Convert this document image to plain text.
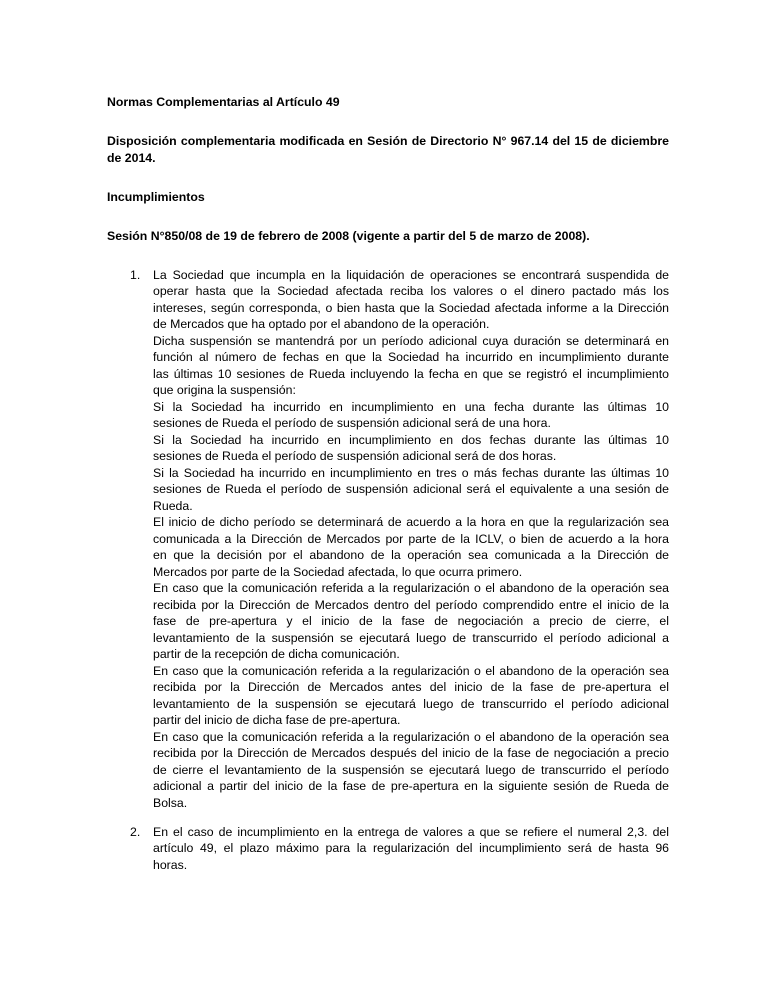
Normas Complementarias al Artículo 49
Disposición complementaria modificada en Sesión de Directorio N° 967.14 del 15 de diciembre
de 2014.
Incumplimientos
Sesión N°850/08 de 19 de febrero de 2008 (vigente a partir del 5 de marzo de 2008).
1. La Sociedad que incumpla en la liquidación de operaciones se encontrará suspendida de
operar hasta que la Sociedad afectada reciba los valores o el dinero pactado más los
intereses, según corresponda, o bien hasta que la Sociedad afectada informe a la Dirección
de Mercados que ha optado por el abandono de la operación.
Dicha suspensión se mantendrá por un período adicional cuya duración se determinará en
función al número de fechas en que la Sociedad ha incurrido en incumplimiento durante
las últimas 10 sesiones de Rueda incluyendo la fecha en que se registró el incumplimiento
que origina la suspensión:
Si la Sociedad ha incurrido en incumplimiento en una fecha durante las últimas 10
sesiones de Rueda el período de suspensión adicional será de una hora.
Si la Sociedad ha incurrido en incumplimiento en dos fechas durante las últimas 10
sesiones de Rueda el período de suspensión adicional será de dos horas.
Si la Sociedad ha incurrido en incumplimiento en tres o más fechas durante las últimas 10
sesiones de Rueda el período de suspensión adicional será el equivalente a una sesión de
Rueda.
El inicio de dicho período se determinará de acuerdo a la hora en que la regularización sea
comunicada a la Dirección de Mercados por parte de la ICLV, o bien de acuerdo a la hora
en que la decisión por el abandono de la operación sea comunicada a la Dirección de
Mercados por parte de la Sociedad afectada, lo que ocurra primero.
En caso que la comunicación referida a la regularización o el abandono de la operación sea
recibida por la Dirección de Mercados dentro del período comprendido entre el inicio de la
fase de pre-apertura y el inicio de la fase de negociación a precio de cierre, el
levantamiento de la suspensión se ejecutará luego de transcurrido el período adicional a
partir de la recepción de dicha comunicación.
En caso que la comunicación referida a la regularización o el abandono de la operación sea
recibida por la Dirección de Mercados antes del inicio de la fase de pre-apertura el
levantamiento de la suspensión se ejecutará luego de transcurrido el período adicional
partir del inicio de dicha fase de pre-apertura.
En caso que la comunicación referida a la regularización o el abandono de la operación sea
recibida por la Dirección de Mercados después del inicio de la fase de negociación a precio
de cierre el levantamiento de la suspensión se ejecutará luego de transcurrido el período
adicional a partir del inicio de la fase de pre-apertura en la siguiente sesión de Rueda de
Bolsa.
2. En el caso de incumplimiento en la entrega de valores a que se refiere el numeral 2,3. del
artículo 49, el plazo máximo para la regularización del incumplimiento será de hasta 96
horas.
